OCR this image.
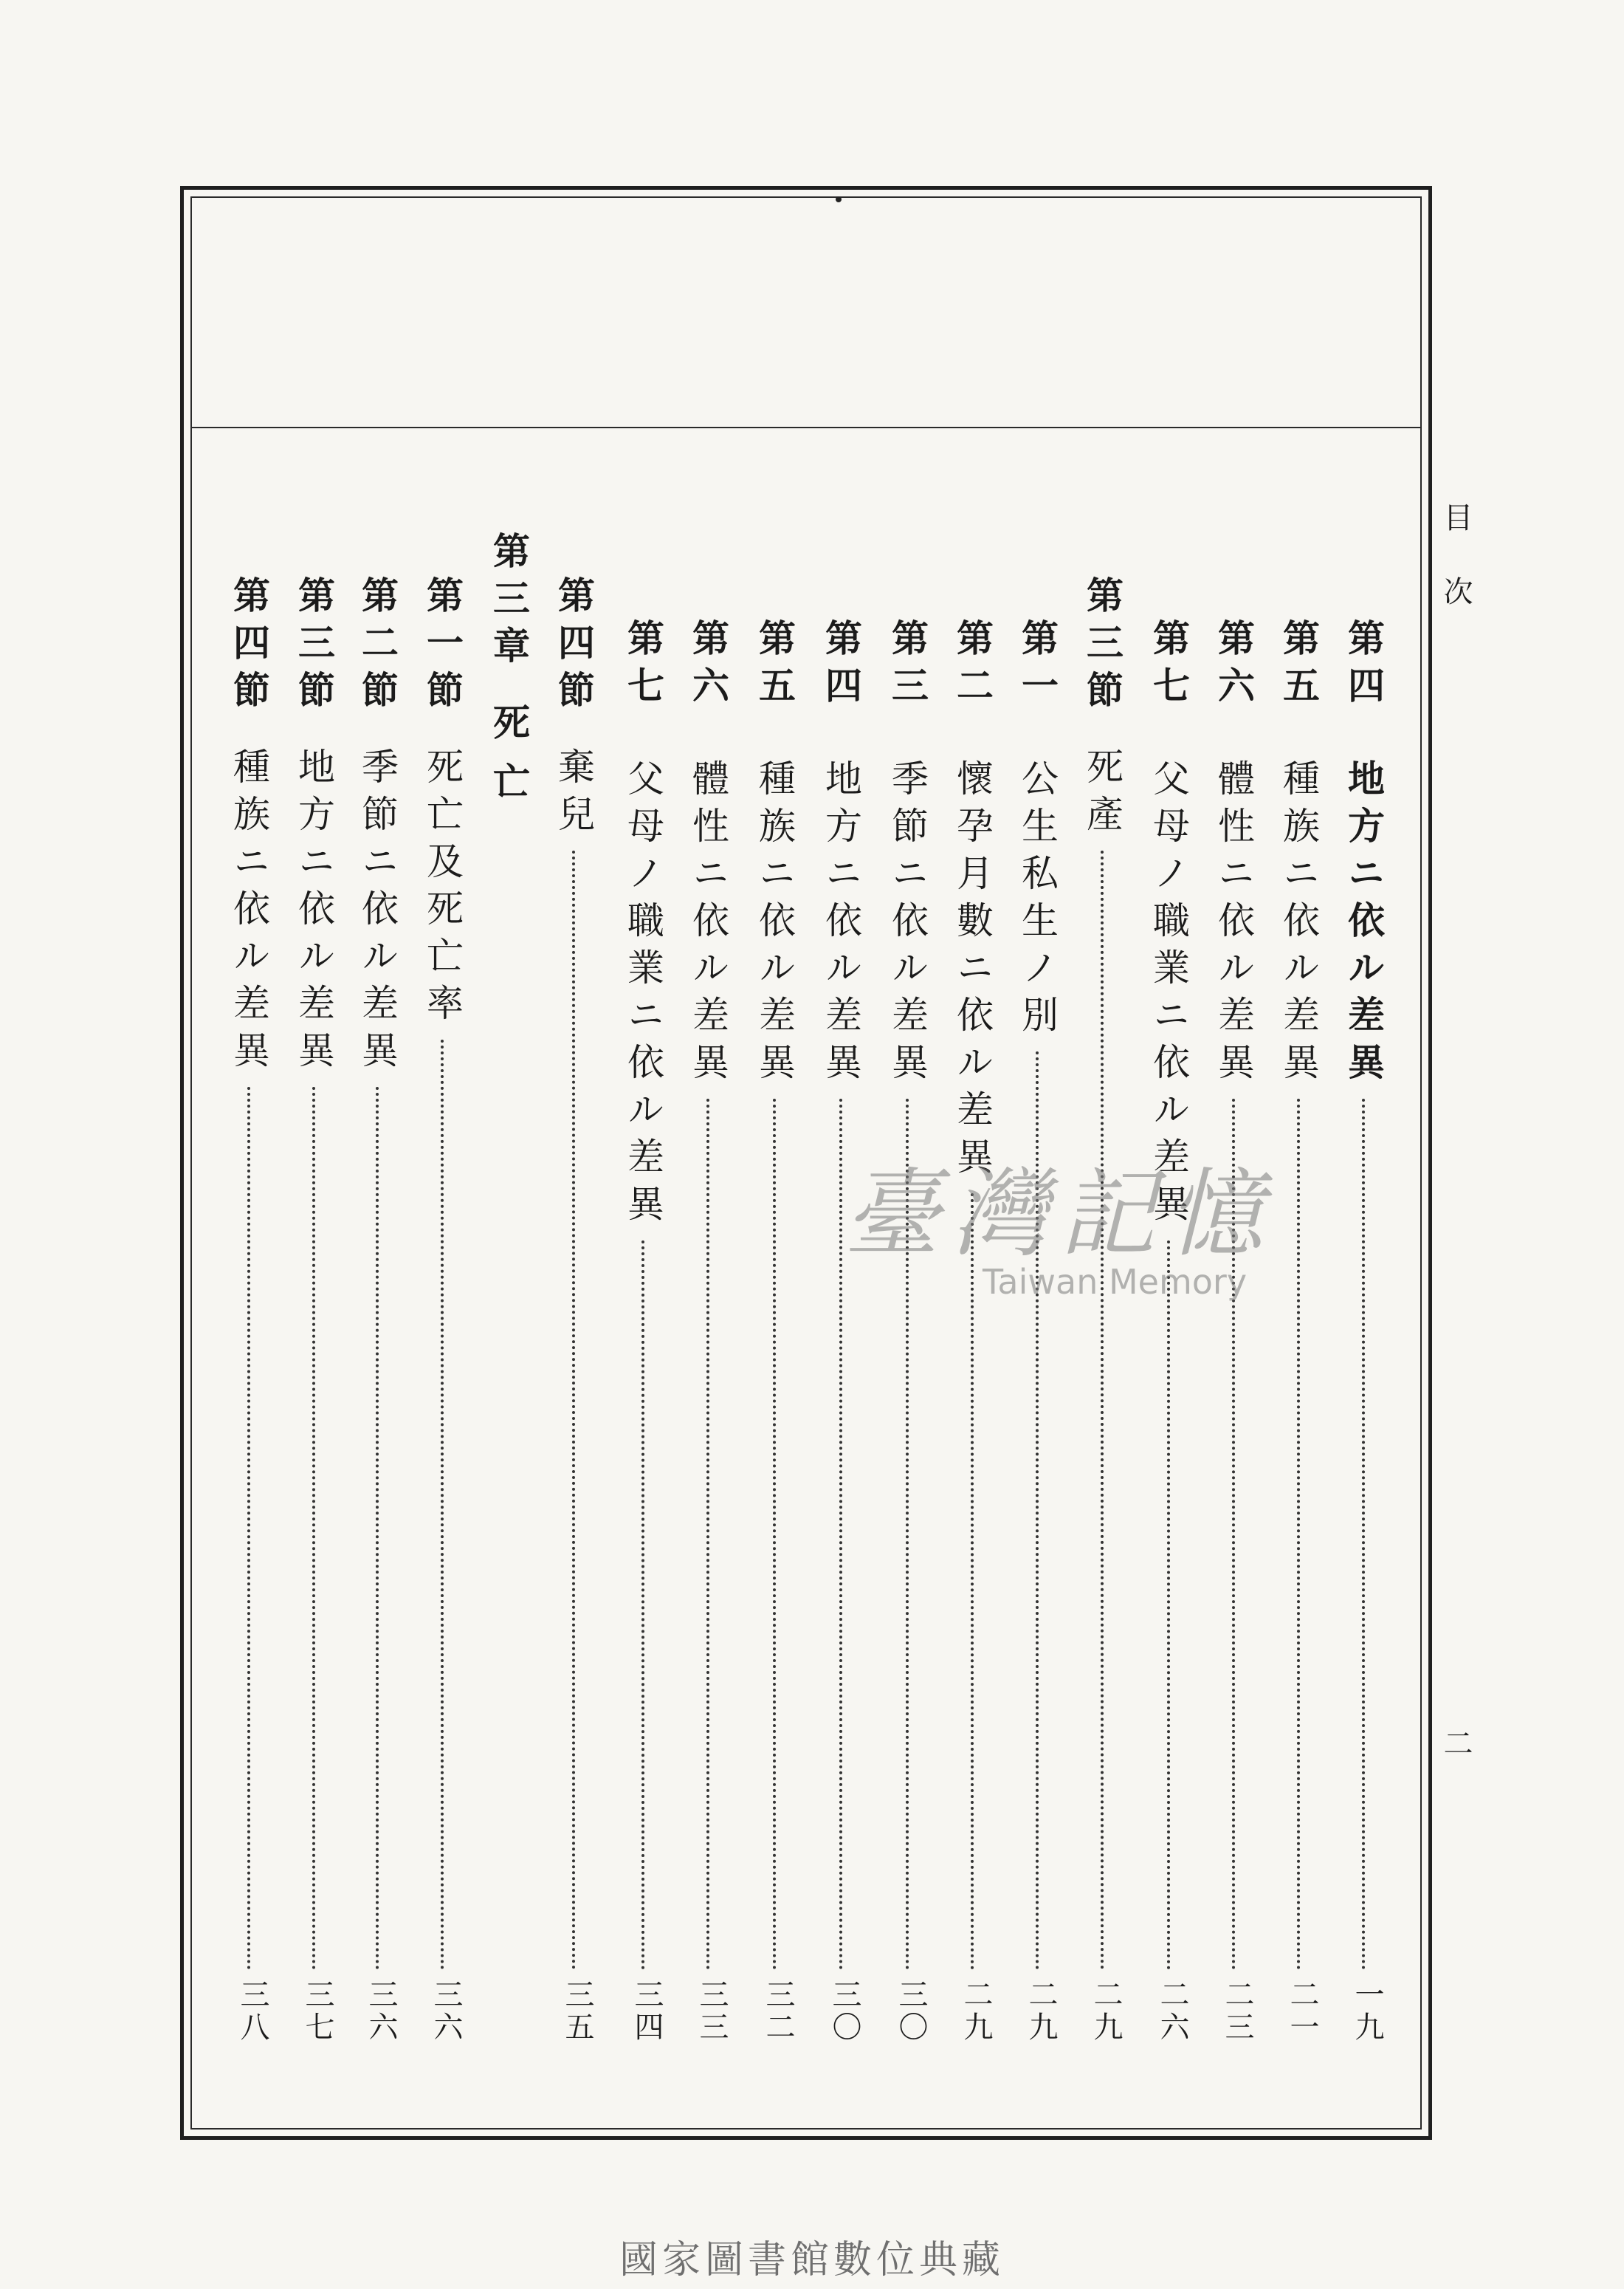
目次
二
第四
地方ニ依ル差異
一九
第五
種族ニ依ル差異
二一
第六
體性ニ依ル差異
二三
第七
父母ノ職業ニ依ル差異
二六
第三節
死產
二九
第一
公生私生ノ別
二九
第二
懷孕月數ニ依ル差異
二九
第三
季節ニ依ル差異
三〇
第四
地方ニ依ル差異
三〇
第五
種族ニ依ル差異
三二
第六
體性ニ依ル差異
三三
第七
父母ノ職業ニ依ル差異
三四
第四節
棄兒
三五
第三章
死亡
第一節
死亡及死亡率
三六
第二節
季節ニ依ル差異
三六
第三節
地方ニ依ル差異
三七
第四節
種族ニ依ル差異
三八
臺灣記憶
Taiwan Memory
國家圖書館數位典藏
